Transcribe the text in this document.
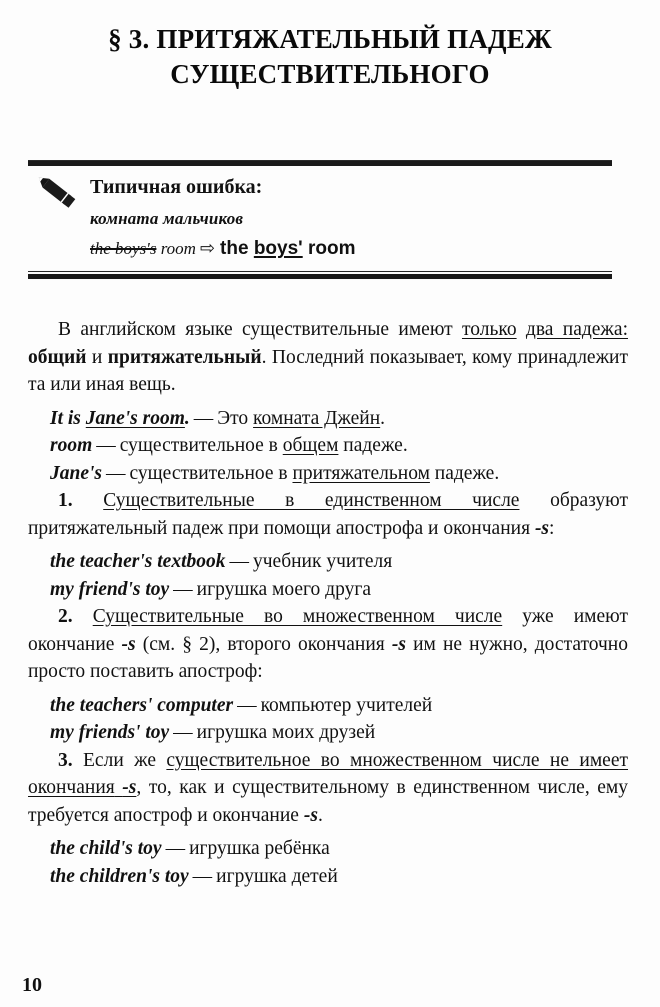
§ 3. ПРИТЯЖАТЕЛЬНЫЙ ПАДЕЖ
СУЩЕСТВИТЕЛЬНОГО

Типичная ошибка:

комната мальчиков

the boys's room ⇨ the boys' room

В английском языке существительные имеют только два падежа: общий и притяжательный. Последний показывает, кому принадлежит та или иная вещь.

It is Jane's room. — Это комната Джейн.

room — существительное в общем падеже.

Jane's — существительное в притяжательном падеже.

1. Существительные в единственном числе образуют притяжательный падеж при помощи апострофа и окончания -s:

the teacher's textbook — учебник учителя

my friend's toy — игрушка моего друга

2. Существительные во множественном числе уже имеют окончание -s (см. § 2), второго окончания -s им не нужно, достаточно просто поставить апостроф:

the teachers' computer — компьютер учителей

my friends' toy — игрушка моих друзей

3. Если же существительное во множественном числе не имеет окончания -s, то, как и существительному в единственном числе, ему требуется апостроф и окончание -s.

the child's toy — игрушка ребёнка

the children's toy — игрушка детей

10
